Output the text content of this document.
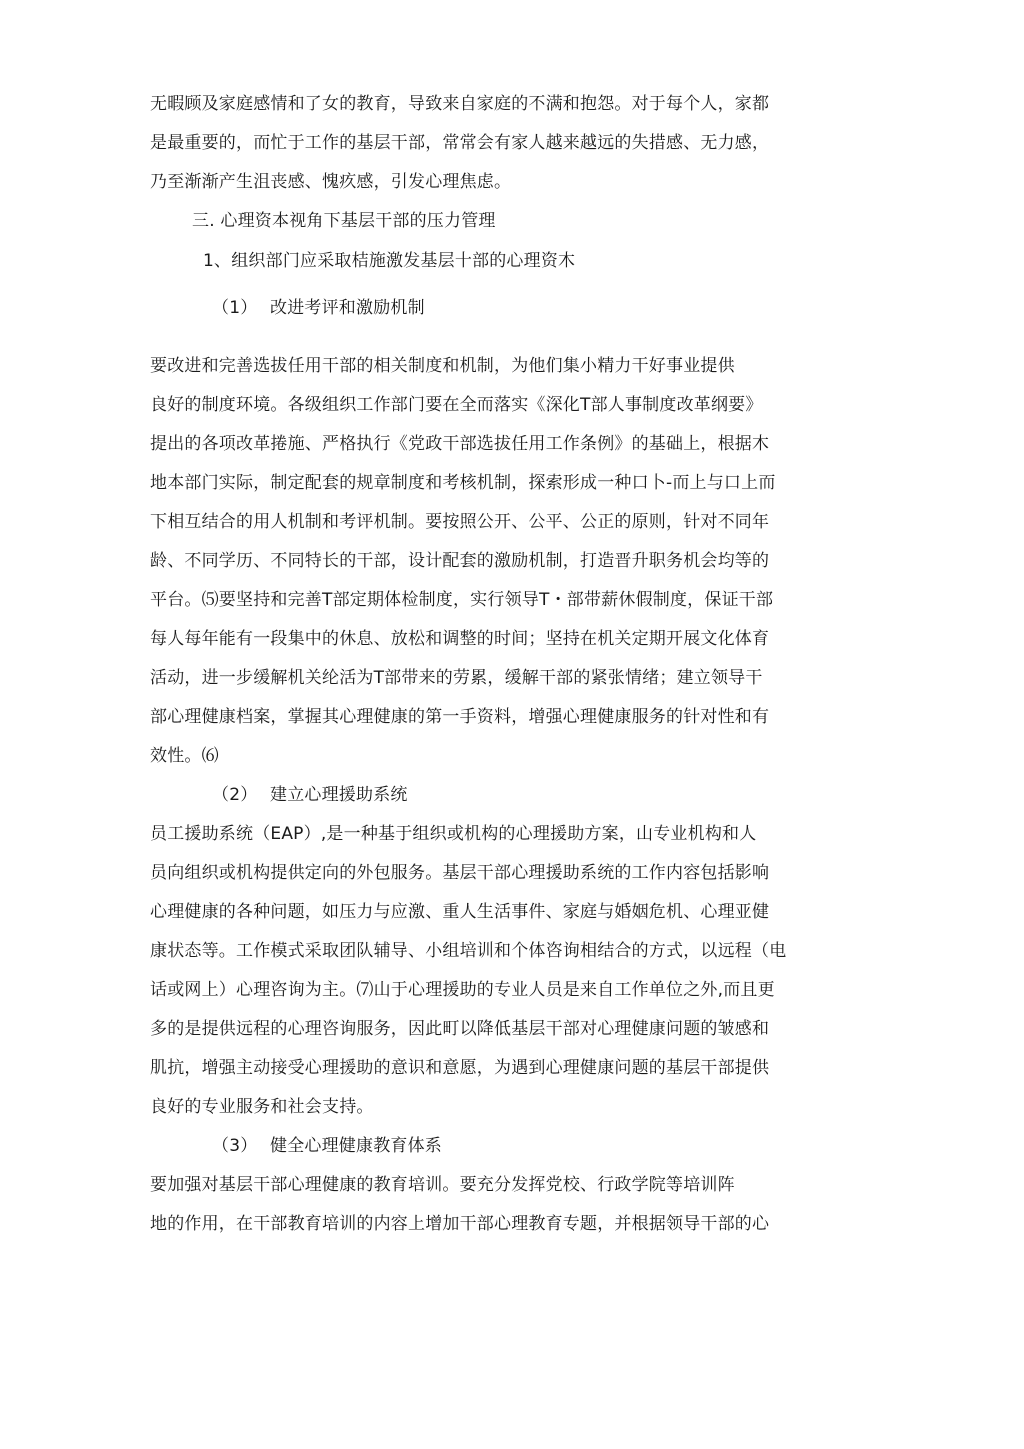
无暇顾及家庭感情和了女的教育，导致来自家庭的不满和抱怨。对于每个人，家都
是最重要的，而忙于工作的基层干部，常常会有家人越来越远的失措感、无力感，
乃至渐渐产生沮丧感、愧疚感，引发心理焦虑。
三. 心理资本视角下基层干部的压力管理
1、组织部门应采取桔施激发基层十部的心理资木
（1） 改进考评和激励机制
要改进和完善选拔任用干部的相关制度和机制，为他们集小精力干好事业提供
良好的制度环境。各级组织工作部门要在全而落实《深化T部人事制度改革纲要》
提出的各项改革捲施、严格执行《党政干部选拔任用工作条例》的基础上，根据木
地本部门实际，制定配套的规章制度和考核机制，探索形成一种口卜-而上与口上而
下相互结合的用人机制和考评机制。要按照公开、公平、公正的原则，针对不同年
龄、不同学历、不同特长的干部，设计配套的激励机制，打造晋升职务机会均等的
平台。⑸要坚持和完善T部定期体检制度，实行领导T・部带薪休假制度，保证干部
每人每年能有一段集中的休息、放松和调整的时间；坚持在机关定期开展文化体育
活动，进一步缓解机关纶活为T部带来的劳累，缓解干部的紧张情绪；建立领导干
部心理健康档案，掌握其心理健康的第一手资料，增强心理健康服务的针对性和有
效性。⑹
（2） 建立心理援助系统
员工援助系统（EAP）,是一种基于组织或机构的心理援助方案，山专业机构和人
员向组织或机构提供定向的外包服务。基层干部心理援助系统的工作内容包括影响
心理健康的各种问题，如压力与应激、重人生活事件、家庭与婚姻危机、心理亚健
康状态等。工作模式采取团队辅导、小组培训和个体咨询相结合的方式，以远程（电
话或网上）心理咨询为主。⑺山于心理援助的专业人员是来自工作单位之外,而且更
多的是提供远程的心理咨询服务，因此町以降低基层干部对心理健康问题的皱感和
肌抗，增强主动接受心理援助的意识和意愿，为遇到心理健康问题的基层干部提供
良好的专业服务和社会支持。
（3） 健全心理健康教育体系
要加强对基层干部心理健康的教育培训。要充分发挥党校、行政学院等培训阵
地的作用，在干部教育培训的内容上增加干部心理教育专题，并根据领导干部的心
